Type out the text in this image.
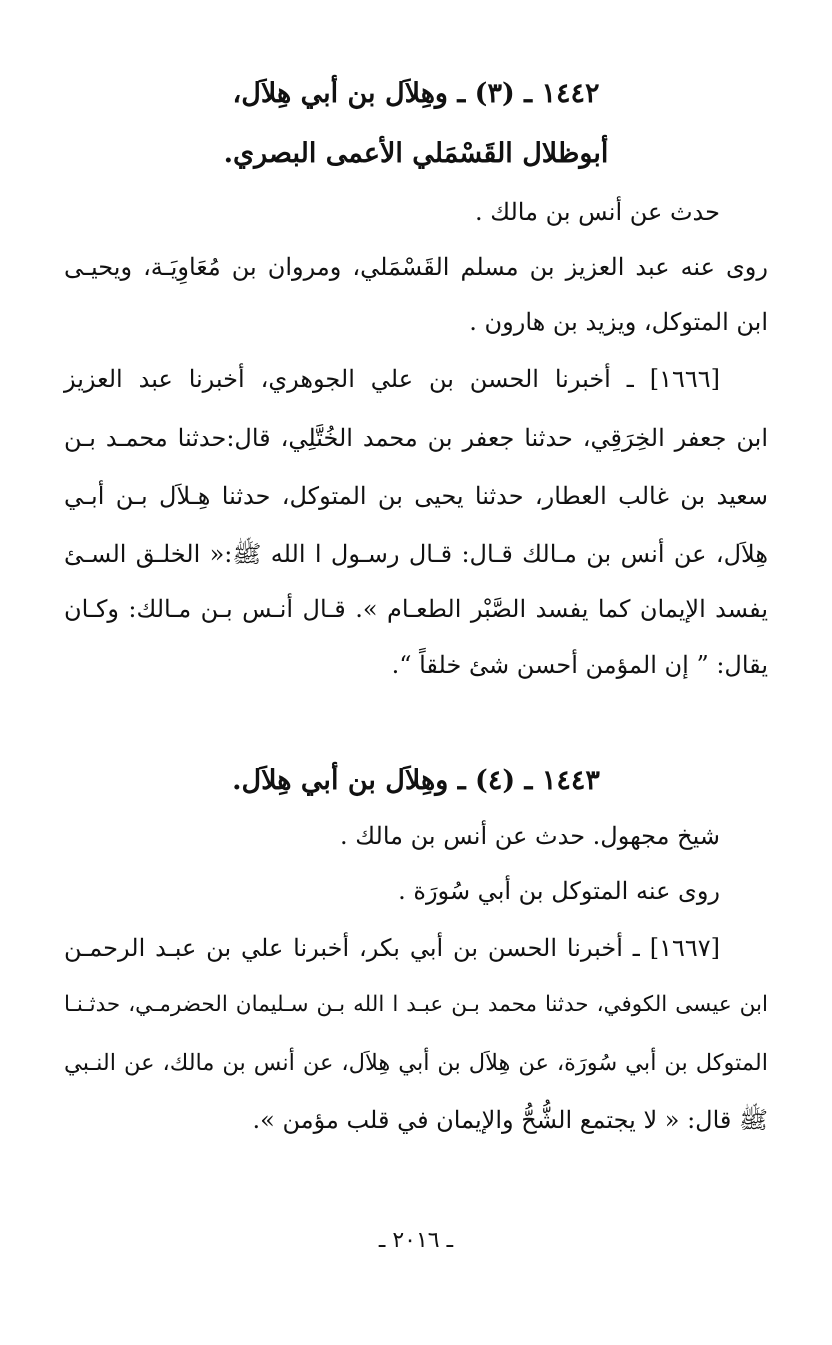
١٤٤٢ ـ (٣) ـ وهِلاَل بن أبي هِلاَل،
أبوظلال القَسْمَلي الأعمى البصري.
حدث عن أنس بن مالك .
روى عنه عبد العزيز بن مسلم القَسْمَلي، ومروان بن مُعَاوِيَـة، ويحيـى
ابن المتوكل، ويزيد بن هارون .
[١٦٦٦] ـ أخبرنا الحسن بن علي الجوهري، أخبرنا عبد العزيز
ابن جعفر الخِرَقِي، حدثنا جعفر بن محمد الخُتَّلِي، قال:حدثنا محمـد بـن
سعيد بن غالب العطار، حدثنا يحيى بن المتوكل، حدثنا هِـلاَل بـن أبـي
هِلاَل، عن أنس بن مـالك قـال: قـال رسـول ا الله ﷺ:« الخلـق السـئ
يفسد الإيمان كما يفسد الصَّبْر الطعـام ». قـال أنـس بـن مـالك: وكـان
يقال: ” إن المؤمن أحسن شئ خلقاً “.
١٤٤٣ ـ (٤) ـ وهِلاَل بن أبي هِلاَل.
شيخ مجهول. حدث عن أنس بن مالك .
روى عنه المتوكل بن أبي سُورَة .
[١٦٦٧] ـ أخبرنا الحسن بن أبي بكر، أخبرنا علي بن عبـد الرحمـن
ابن عيسى الكوفي، حدثنا محمد بـن عبـد ا الله بـن سـليمان الحضرمـي، حدثـنـا
المتوكل بن أبي سُورَة، عن هِلاَل بن أبي هِلاَل، عن أنس بن مالك، عن النـبي
ﷺ قال: « لا يجتمع الشُّحُّ والإيمان في قلب مؤمن ».
ـ ٢٠١٦ ـ
